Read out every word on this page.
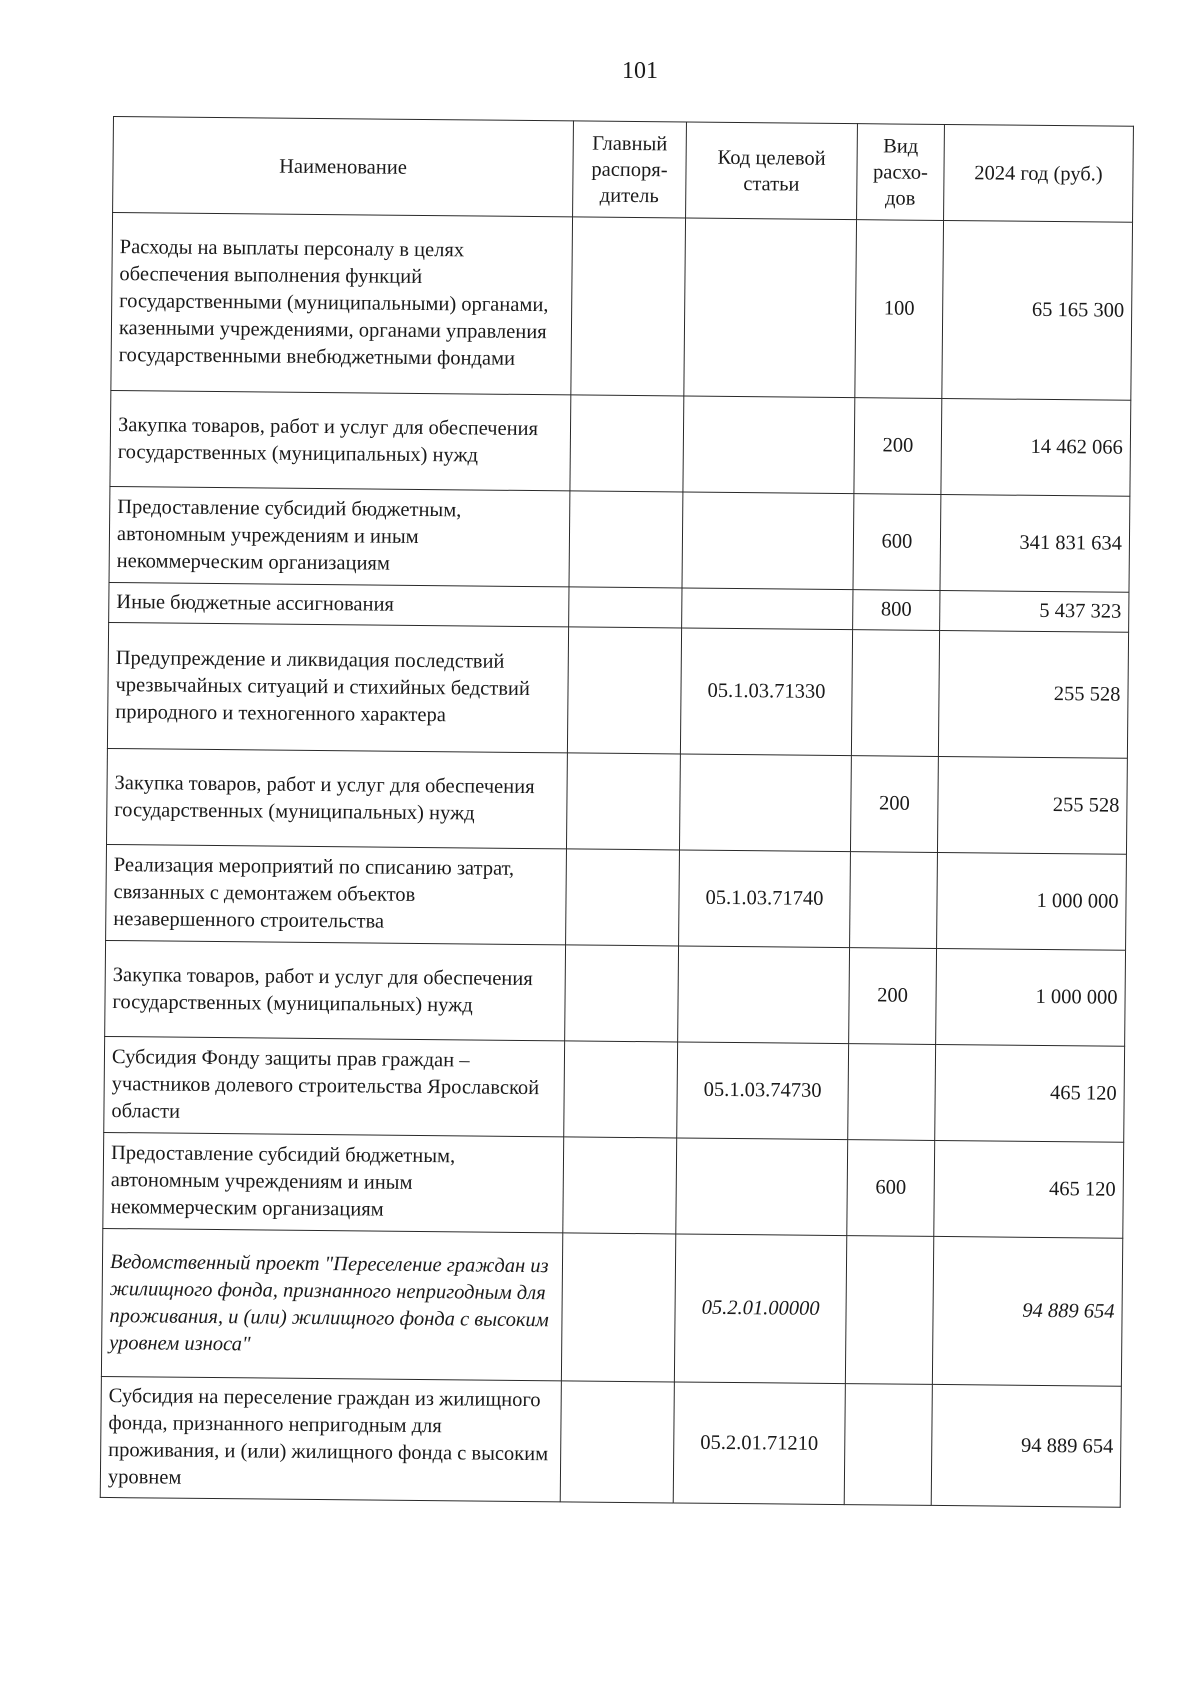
101
Наименование	Главный распоря-дитель	Код целевой статьи	Вид расхо-дов	2024 год (руб.)
Расходы на выплаты персоналу в целях обеспечения выполнения функций государственными (муниципальными) органами, казенными учреждениями, органами управления государственными внебюджетными фондами			100	65 165 300
Закупка товаров, работ и услуг для обеспечения государственных (муниципальных) нужд			200	14 462 066
Предоставление субсидий бюджетным, автономным учреждениям и иным некоммерческим организациям			600	341 831 634
Иные бюджетные ассигнования			800	5 437 323
Предупреждение и ликвидация последствий чрезвычайных ситуаций и стихийных бедствий природного и техногенного характера		05.1.03.71330		255 528
Закупка товаров, работ и услуг для обеспечения государственных (муниципальных) нужд			200	255 528
Реализация мероприятий по списанию затрат, связанных с демонтажем объектов незавершенного строительства		05.1.03.71740		1 000 000
Закупка товаров, работ и услуг для обеспечения государственных (муниципальных) нужд			200	1 000 000
Субсидия Фонду защиты прав граждан – участников долевого строительства Ярославской области		05.1.03.74730		465 120
Предоставление субсидий бюджетным, автономным учреждениям и иным некоммерческим организациям			600	465 120
Ведомственный проект "Переселение граждан из жилищного фонда, признанного непригодным для проживания, и (или) жилищного фонда с высоким уровнем износа"		05.2.01.00000		94 889 654
Субсидия на переселение граждан из жилищного фонда, признанного непригодным для проживания, и (или) жилищного фонда с высоким уровнем		05.2.01.71210		94 889 654
